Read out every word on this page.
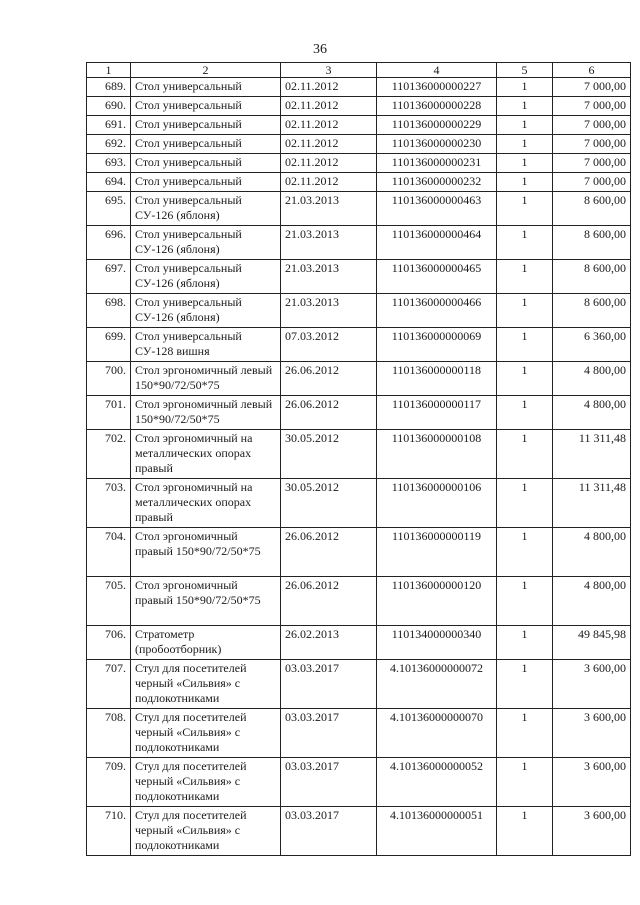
36
1	2	3	4	5	6
689.	Стол универсальный	02.11.2012	110136000000227	1	7 000,00
690.	Стол универсальный	02.11.2012	110136000000228	1	7 000,00
691.	Стол универсальный	02.11.2012	110136000000229	1	7 000,00
692.	Стол универсальный	02.11.2012	110136000000230	1	7 000,00
693.	Стол универсальный	02.11.2012	110136000000231	1	7 000,00
694.	Стол универсальный	02.11.2012	110136000000232	1	7 000,00
695.	Стол универсальный СУ-126 (яблоня)	21.03.2013	110136000000463	1	8 600,00
696.	Стол универсальный СУ-126 (яблоня)	21.03.2013	110136000000464	1	8 600,00
697.	Стол универсальный СУ-126 (яблоня)	21.03.2013	110136000000465	1	8 600,00
698.	Стол универсальный СУ-126 (яблоня)	21.03.2013	110136000000466	1	8 600,00
699.	Стол универсальный СУ-128 вишня	07.03.2012	110136000000069	1	6 360,00
700.	Стол эргономичный левый 150*90/72/50*75	26.06.2012	110136000000118	1	4 800,00
701.	Стол эргономичный левый 150*90/72/50*75	26.06.2012	110136000000117	1	4 800,00
702.	Стол эргономичный на металлических опорах правый	30.05.2012	110136000000108	1	11 311,48
703.	Стол эргономичный на металлических опорах правый	30.05.2012	110136000000106	1	11 311,48
704.	Стол эргономичный правый 150*90/72/50*75	26.06.2012	110136000000119	1	4 800,00
705.	Стол эргономичный правый 150*90/72/50*75	26.06.2012	110136000000120	1	4 800,00
706.	Стратометр (пробоотборник)	26.02.2013	110134000000340	1	49 845,98
707.	Стул для посетителей черный «Сильвия» с подлокотниками	03.03.2017	4.10136000000072	1	3 600,00
708.	Стул для посетителей черный «Сильвия» с подлокотниками	03.03.2017	4.10136000000070	1	3 600,00
709.	Стул для посетителей черный «Сильвия» с подлокотниками	03.03.2017	4.10136000000052	1	3 600,00
710.	Стул для посетителей черный «Сильвия» с подлокотниками	03.03.2017	4.10136000000051	1	3 600,00
